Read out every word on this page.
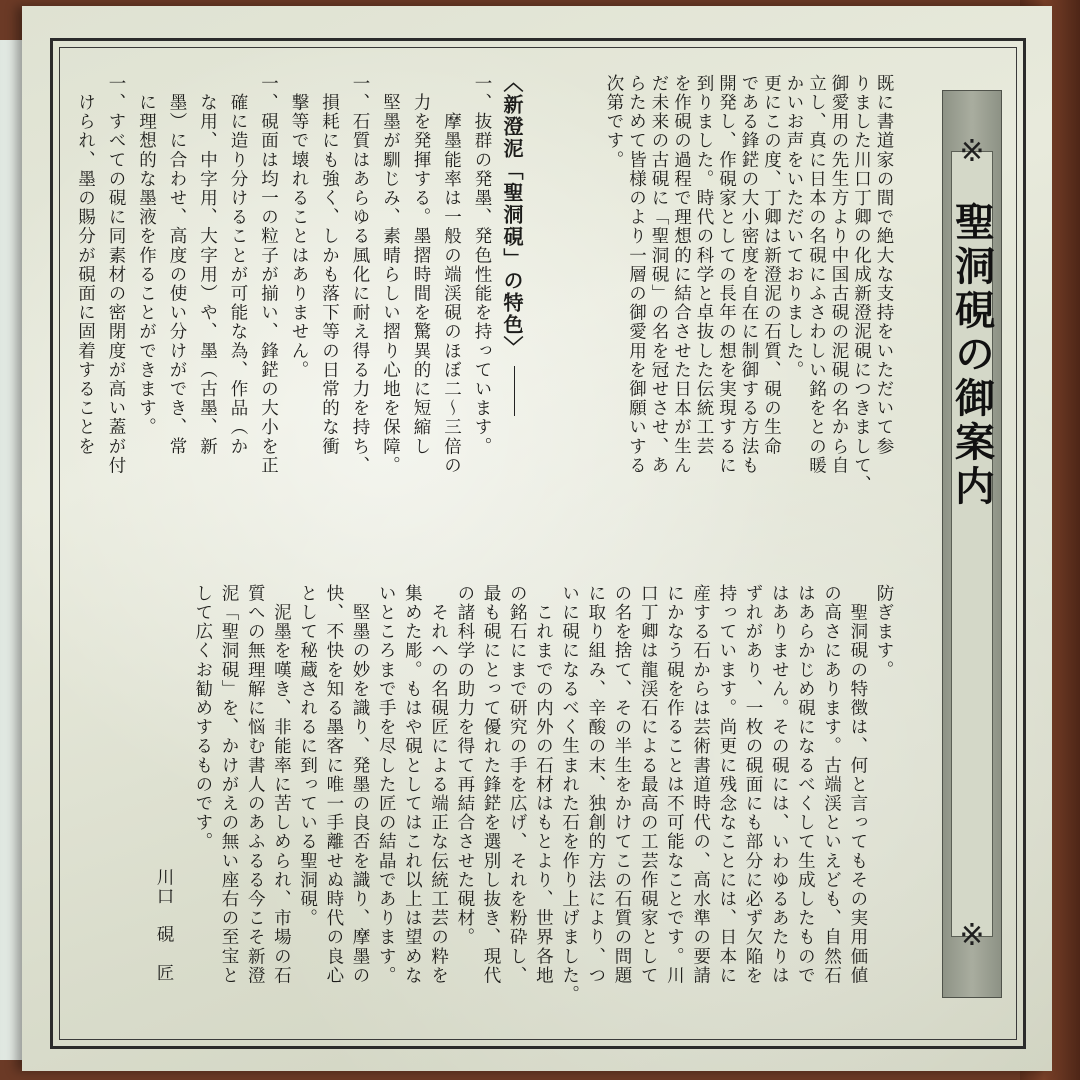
※
聖洞硯の御案内
※
既に書道家の間で絶大な支持をいただいて参
りました川口丁卿の化成新澄泥硯につきまして、
御愛用の先生方より中国古硯の泥硯の名から自
立し、真に日本の名硯にふさわしい銘をとの暖
かいお声をいただいておりました。
更にこの度、丁卿は新澄泥の石質、硯の生命
である鋒鋩の大小密度を自在に制御する方法も
開発し、作硯家としての長年の想を実現するに
到りました。時代の科学と卓抜した伝統工芸
を作硯の過程で理想的に結合させた日本が生ん
だ未来の古硯に「聖洞硯」の名を冠せさせ、あ
らためて皆様のより一層の御愛用を御願いする
次第です。
〈新澄泥「聖洞硯」の特色〉
一、抜群の発墨、発色性能を持っています。
　　摩墨能率は一般の端渓硯のほぼ二～三倍の
　力を発揮する。墨摺時間を驚異的に短縮し
　堅墨が馴じみ、素晴らしい摺り心地を保障。
一、石質はあらゆる風化に耐え得る力を持ち、
　損耗にも強く、しかも落下等の日常的な衝
　撃等で壊れることはありません。
一、硯面は均一の粒子が揃い、鋒鋩の大小を正
　確に造り分けることが可能な為、作品（か
　な用、中字用、大字用）や、墨（古墨、新
　墨）に合わせ、高度の使い分けができ、常
　に理想的な墨液を作ることができます。
一、すべての硯に同素材の密閉度が高い蓋が付
　けられ、墨の賜分が硯面に固着することを
防ぎます。
　聖洞硯の特徴は、何と言ってもその実用価値
の高さにあります。古端渓といえども、自然石
はあらかじめ硯になるべくして生成したもので
はありません。その硯には、いわゆるあたりは
ずれがあり、一枚の硯面にも部分に必ず欠陥を
持っています。尚更に残念なことには、日本に
産する石からは芸術書道時代の、高水準の要請
にかなう硯を作ることは不可能なことです。川
口丁卿は龍渓石による最高の工芸作硯家として
の名を捨て、その半生をかけてこの石質の問題
に取り組み、辛酸の末、独創的方法により、つ
いに硯になるべく生まれた石を作り上げました。
　これまでの内外の石材はもとより、世界各地
の銘石にまで研究の手を広げ、それを粉砕し、
最も硯にとって優れた鋒鋩を選別し抜き、現代
の諸科学の助力を得て再結合させた硯材。
　それへの名硯匠による端正な伝統工芸の粋を
集めた彫。もはや硯としてはこれ以上は望めな
いところまで手を尽した匠の結晶であります。
　堅墨の妙を識り、発墨の良否を識り、摩墨の
快、不快を知る墨客に唯一手離せぬ時代の良心
として秘蔵されるに到っている聖洞硯。
　泥墨を嘆き、非能率に苦しめられ、市場の石
質への無理解に悩む書人のあふるる今こそ新澄
泥「聖洞硯」を、かけがえの無い座右の至宝と
して広くお勧めするものです。
川口　硯　匠
